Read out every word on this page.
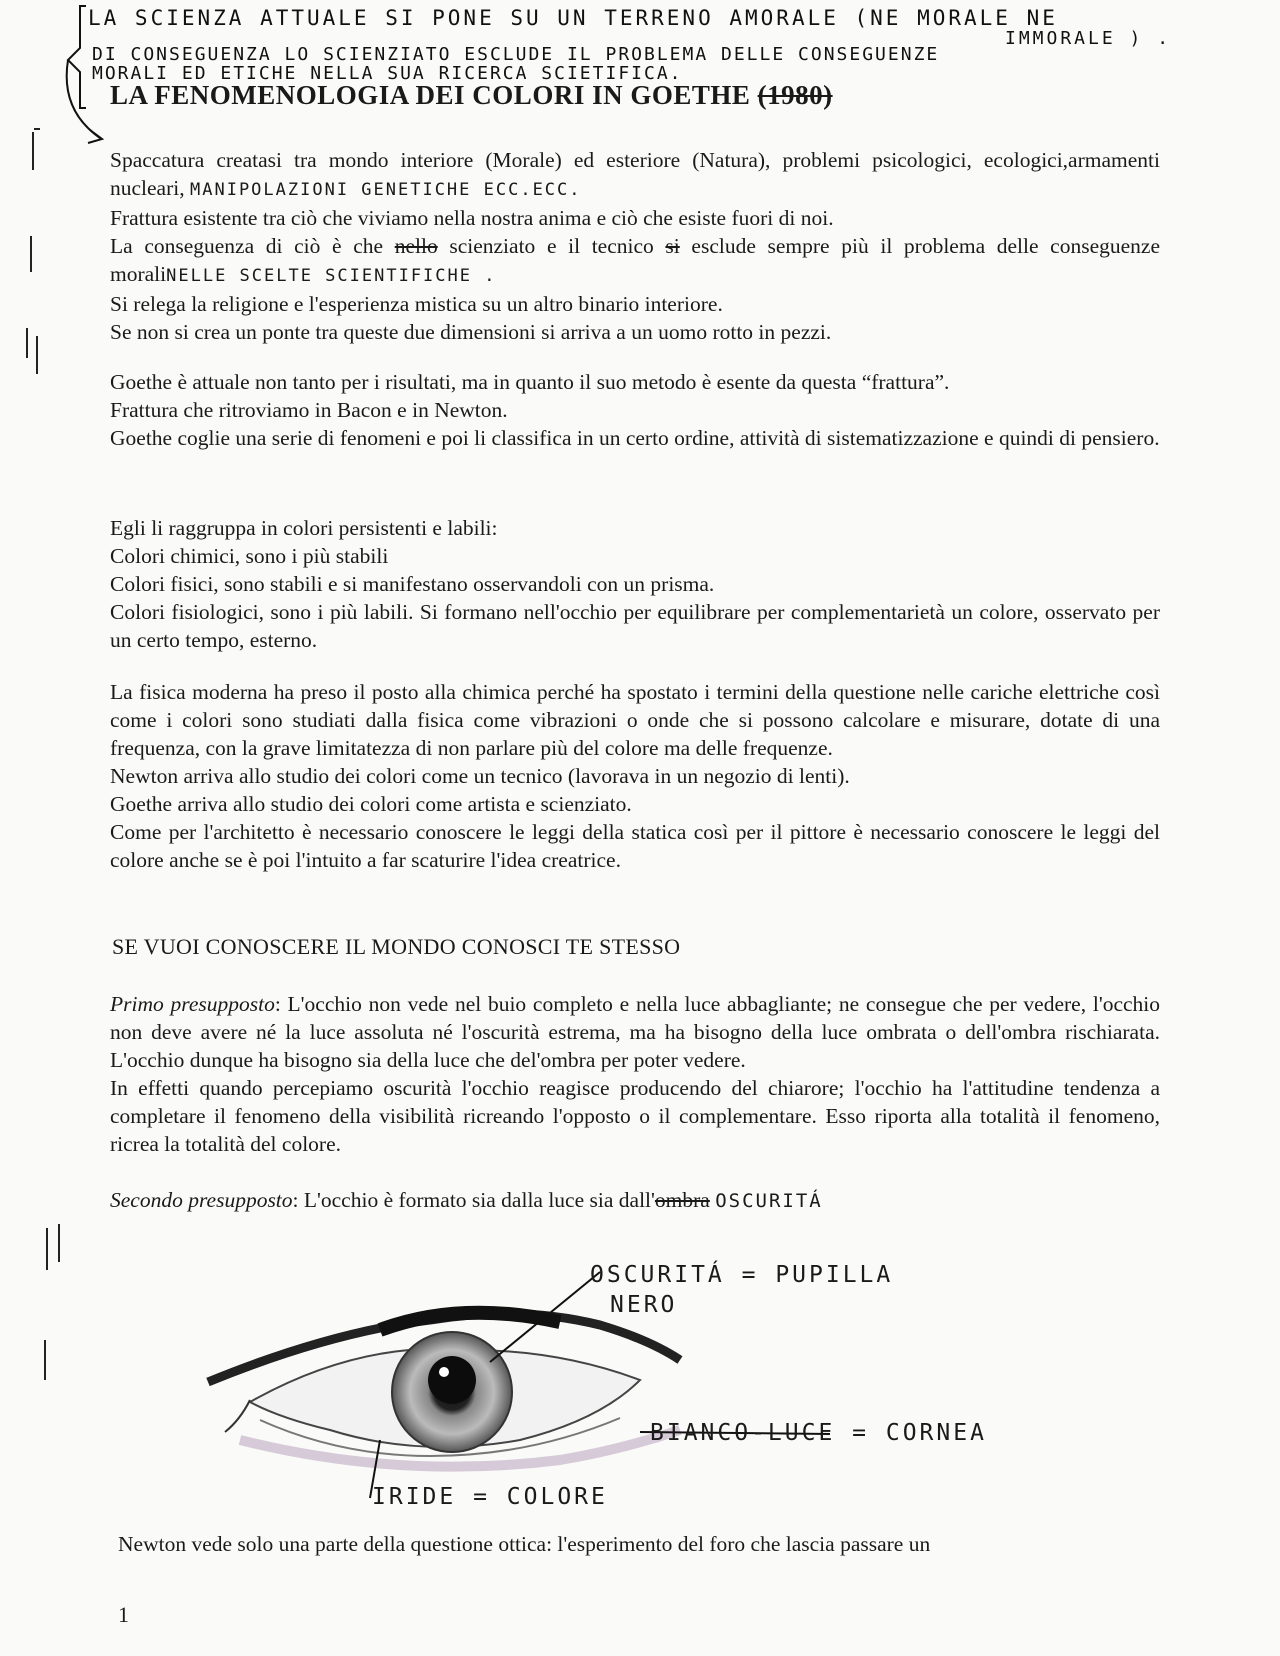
LA SCIENZA ATTUALE SI PONE SU UN TERRENO AMORALE (NE MORALE NE
IMMORALE ) .
DI CONSEGUENZA LO SCIENZIATO ESCLUDE IL PROBLEMA DELLE CONSEGUENZE
MORALI ED ETICHE NELLA SUA RICERCA SCIETIFICA.
LA FENOMENOLOGIA DEI COLORI IN GOETHE (1980)

Spaccatura creatasi tra mondo interiore (Morale) ed esteriore (Natura), problemi psicologici, ecologici,armamenti nucleari, MANIPOLAZIONI GENETICHE ECC.ECC.

Frattura esistente tra ciò che viviamo nella nostra anima e ciò che esiste fuori di noi.

La conseguenza di ciò è che nello scienziato e il tecnico si esclude sempre più il problema delle conseguenze moraliNELLE SCELTE SCIENTIFICHE .

Si relega la religione e l'esperienza mistica su un altro binario interiore.

Se non si crea un ponte tra queste due dimensioni si arriva a un uomo rotto in pezzi.

Goethe è attuale non tanto per i risultati, ma in quanto il suo metodo è esente da questa “frattura”.

Frattura che ritroviamo in Bacon e in Newton.

Goethe coglie una serie di fenomeni e poi li classifica in un certo ordine, attività di sistematizzazione e quindi di pensiero.

Egli li raggruppa in colori persistenti e labili:

Colori chimici, sono i più stabili

Colori fisici, sono stabili e si manifestano osservandoli con un prisma.

Colori fisiologici, sono i più labili. Si formano nell'occhio per equilibrare per complementarietà un colore, osservato per un certo tempo, esterno.

La fisica moderna ha preso il posto alla chimica perché ha spostato i termini della questione nelle cariche elettriche così come i colori sono studiati dalla fisica come vibrazioni o onde che si possono calcolare e misurare, dotate di una frequenza, con la grave limitatezza di non parlare più del colore ma delle frequenze.

Newton arriva allo studio dei colori come un tecnico (lavorava in un negozio di lenti).

Goethe arriva allo studio dei colori come artista e scienziato.

Come per l'architetto è necessario conoscere le leggi della statica così per il pittore è necessario conoscere le leggi del colore anche se è poi l'intuito a far scaturire l'idea creatrice.

SE VUOI CONOSCERE IL MONDO CONOSCI TE STESSO

Primo presupposto: L'occhio non vede nel buio completo e nella luce abbagliante; ne consegue che per vedere, l'occhio non deve avere né la luce assoluta né l'oscurità estrema, ma ha bisogno della luce ombrata o dell'ombra rischiarata. L'occhio dunque ha bisogno sia della luce che del'ombra per poter vedere.

In effetti quando percepiamo oscurità l'occhio reagisce producendo del chiarore; l'occhio ha l'attitudine tendenza a completare il fenomeno della visibilità ricreando l'opposto o il complementare. Esso riporta alla totalità il fenomeno, ricrea la totalità del colore.

Secondo presupposto: L'occhio è formato sia dalla luce sia dall'ombra OSCURITÁ

OSCURITÁ = PUPILLA
NERO
BIANCO-LUCE = CORNEA
IRIDE = COLORE

Newton vede solo una parte della questione ottica: l'esperimento del foro che lascia passare un

1
